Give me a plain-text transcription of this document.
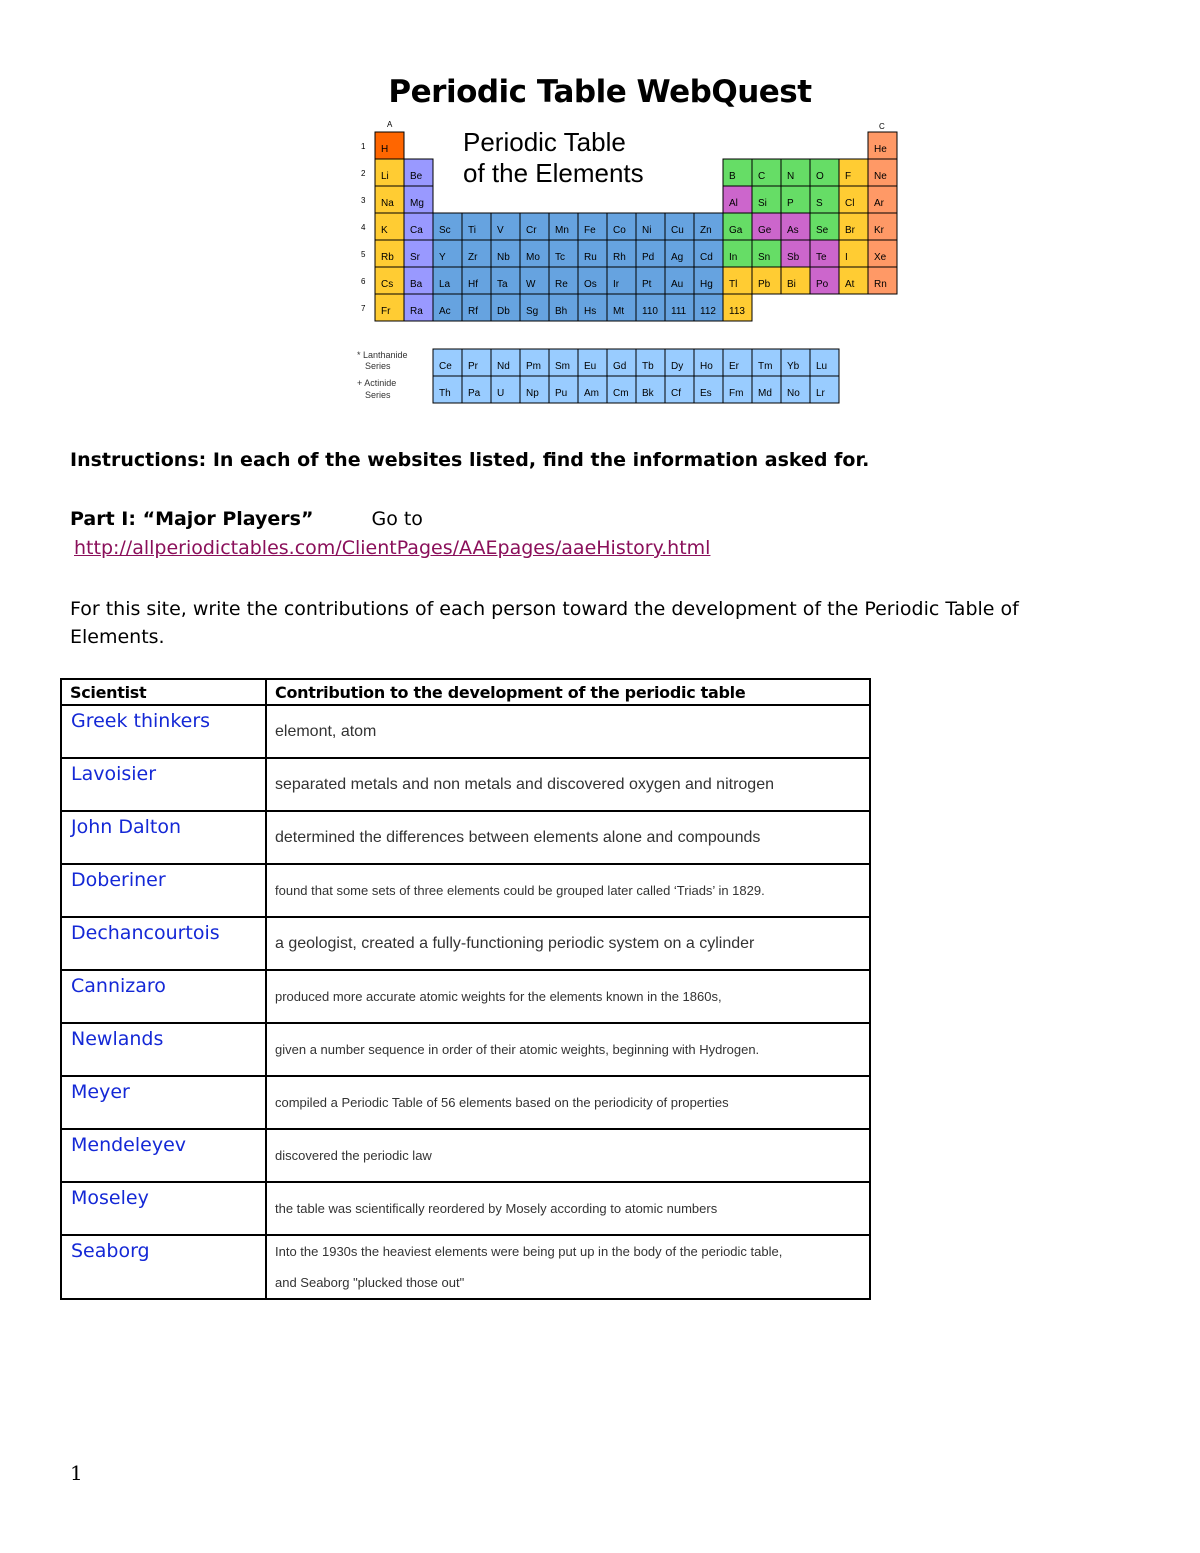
Periodic Table WebQuest
H	He
Li Be	B C N O F Ne
Na Mg	Al Si P S Cl Ar
K Ca Sc Ti V Cr Mn Fe Co Ni Cu Zn Ga Ge As Se Br Kr
Rb Sr Y Zr Nb Mo Tc Ru Rh Pd Ag Cd In Sn Sb Te I	Xe
Cs Ba La Hf Ta W Re Os Ir Pt Au Hg Tl Pb Bi Po At Rn
Fr Ra Ac Rf Db Sg Bh Hs Mt 110 111 112 113
1
2
3
4
5
6
7
Ce Pr Nd Pm Sm Eu Gd Tb Dy Ho Er Tm Yb Lu
Th Pa U Np Pu Am Cm Bk Cf Es Fm Md No Lr
Periodic Table
of the Elements
A	C
* Lanthanide
Series
+ Actinide
Series
Instructions: In each of the websites listed, find the information asked for.
Part I: “Major Players”	Go to
http://allperiodictables.com/ClientPages/AAEpages/aaeHistory.html
For this site, write the contributions of each person toward the development of the Periodic Table of Elements.
Scientist	Contribution to the development of the periodic table
Greek thinkers	elemont, atom
Lavoisier	separated metals and non metals and discovered oxygen and nitrogen
John Dalton	determined the differences between elements alone and compounds
Doberiner	found that some sets of three elements could be grouped later called ‘Triads’ in 1829.
Dechancourtois	a geologist, created a fully-functioning periodic system on a cylinder
Cannizaro	produced more accurate atomic weights for the elements known in the 1860s,
Newlands	given a number sequence in order of their atomic weights, beginning with Hydrogen.
Meyer	compiled a Periodic Table of 56 elements based on the periodicity of properties
Mendeleyev	discovered the periodic law
Moseley	the table was scientifically reordered by Mosely according to atomic numbers
Seaborg	Into the 1930s the heaviest elements were being put up in the body of the periodic table,
and Seaborg "plucked those out"
1
